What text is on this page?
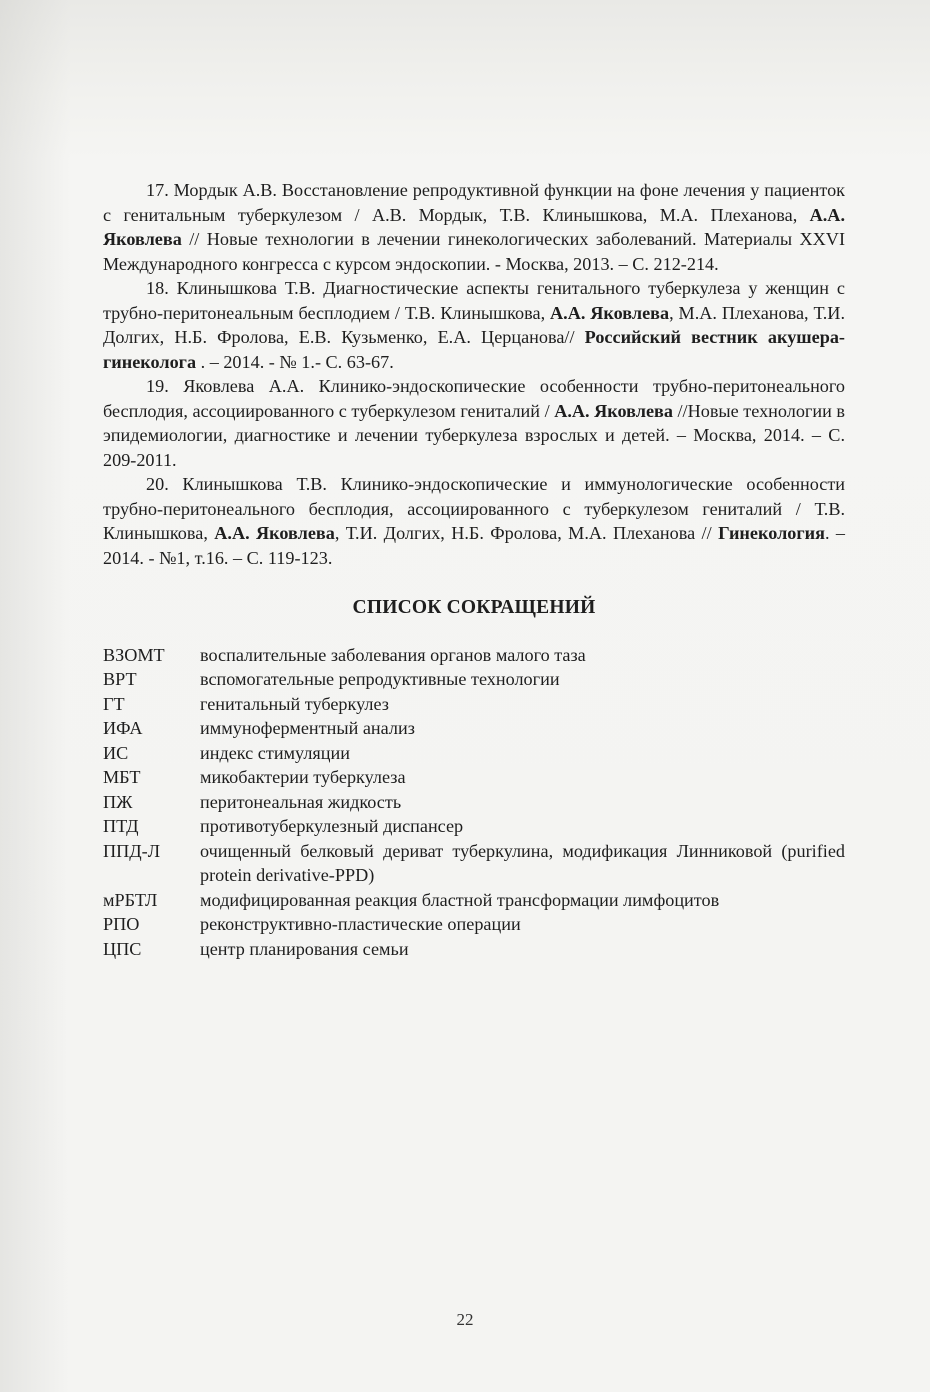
17. Мордык А.В. Восстановление репродуктивной функции на фоне лечения у пациенток с генитальным туберкулезом / А.В. Мордык, Т.В. Клинышкова, М.А. Плеханова, А.А. Яковлева // Новые технологии в лечении гинекологических заболеваний. Материалы XXVI Международного конгресса с курсом эндоскопии. - Москва, 2013. – С. 212-214.

18. Клинышкова Т.В. Диагностические аспекты генитального туберкулеза у женщин с трубно-перитонеальным бесплодием / Т.В. Клинышкова, А.А. Яковлева, М.А. Плеханова, Т.И. Долгих, Н.Б. Фролова, Е.В. Кузьменко, Е.А. Церцанова// Российский вестник акушера-гинеколога . – 2014. - № 1.- С. 63-67.

19. Яковлева А.А. Клинико-эндоскопические особенности трубно-перитонеального бесплодия, ассоциированного с туберкулезом гениталий / А.А. Яковлева //Новые технологии в эпидемиологии, диагностике и лечении туберкулеза взрослых и детей. – Москва, 2014. – С. 209-2011.

20. Клинышкова Т.В. Клинико-эндоскопические и иммунологические особенности трубно-перитонеального бесплодия, ассоциированного с туберкулезом гениталий / Т.В. Клинышкова, А.А. Яковлева, Т.И. Долгих, Н.Б. Фролова, М.А. Плеханова // Гинекология. – 2014. - №1, т.16. – С. 119-123.

СПИСОК СОКРАЩЕНИЙ
ВЗОМТ	воспалительные заболевания органов малого таза
ВРТ	вспомогательные репродуктивные технологии
ГТ	генитальный туберкулез
ИФА	иммуноферментный анализ
ИС	индекс стимуляции
МБТ	микобактерии туберкулеза
ПЖ	перитонеальная жидкость
ПТД	противотуберкулезный диспансер
ППД-Л	очищенный белковый дериват туберкулина, модификация Линниковой (purified protein derivative-PPD)
мРБТЛ	модифицированная реакция бластной трансформации лимфоцитов
РПО	реконструктивно-пластические операции
ЦПС	центр планирования семьи
22
